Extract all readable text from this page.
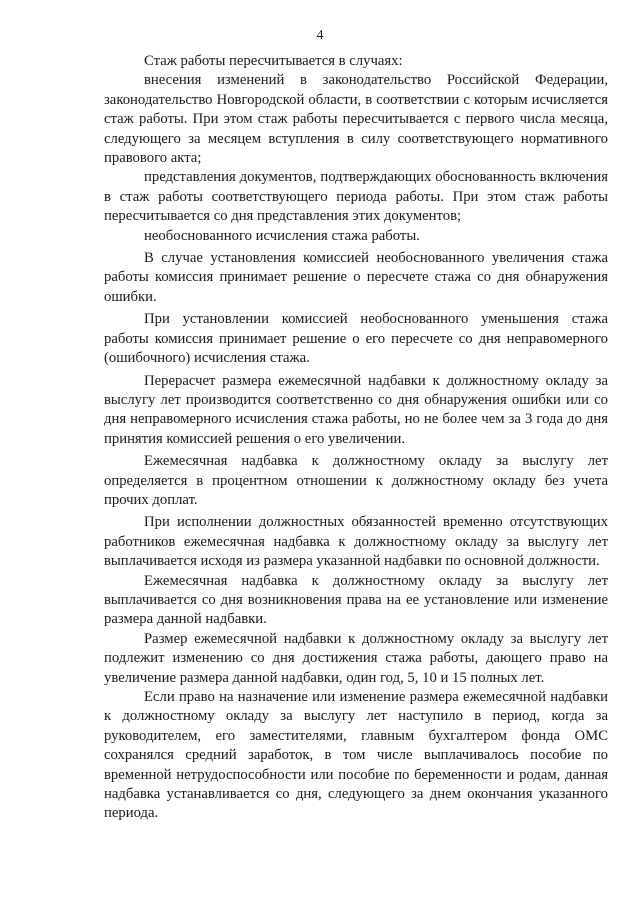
4

Стаж работы пересчитывается в случаях:

внесения изменений в законодательство Российской Федерации, законодательство Новгородской области, в соответствии с которым исчисляется стаж работы. При этом стаж работы пересчитывается с первого числа месяца, следующего за месяцем вступления в силу соответствующего нормативного правового акта;

представления документов, подтверждающих обоснованность включения в стаж работы соответствующего периода работы. При этом стаж работы пересчитывается со дня представления этих документов;

необоснованного исчисления стажа работы.

В случае установления комиссией необоснованного увеличения стажа работы комиссия принимает решение о пересчете стажа со дня обнаружения ошибки.

При установлении комиссией необоснованного уменьшения стажа работы комиссия принимает решение о его пересчете со дня неправомерного (ошибочного) исчисления стажа.

Перерасчет размера ежемесячной надбавки к должностному окладу за выслугу лет производится соответственно со дня обнаружения ошибки или со дня неправомерного исчисления стажа работы, но не более чем за 3 года до дня принятия комиссией решения о его увеличении.

Ежемесячная надбавка к должностному окладу за выслугу лет определяется в процентном отношении к должностному окладу без учета прочих доплат.

При исполнении должностных обязанностей временно отсутствующих работников ежемесячная надбавка к должностному окладу за выслугу лет выплачивается исходя из размера указанной надбавки по основной должности.

Ежемесячная надбавка к должностному окладу за выслугу лет выплачивается со дня возникновения права на ее установление или изменение размера данной надбавки.

Размер ежемесячной надбавки к должностному окладу за выслугу лет подлежит изменению со дня достижения стажа работы, дающего право на увеличение размера данной надбавки, один год, 5, 10 и 15 полных лет.

Если право на назначение или изменение размера ежемесячной надбавки к должностному окладу за выслугу лет наступило в период, когда за руководителем, его заместителями, главным бухгалтером фонда ОМС сохранялся средний заработок, в том числе выплачивалось пособие по временной нетрудоспособности или пособие по беременности и родам, данная надбавка устанавливается со дня, следующего за днем окончания указанного периода.
